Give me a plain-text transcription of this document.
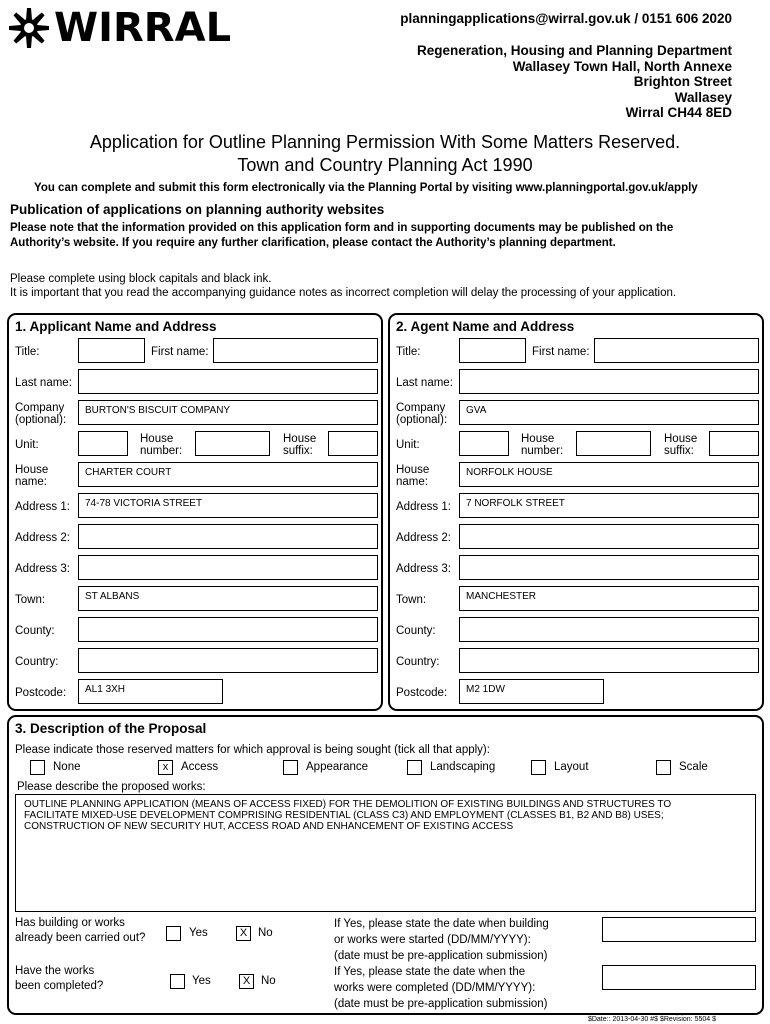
WIRRAL	planningapplications@wirral.gov.uk / 0151 606 2020
Regeneration, Housing and Planning Department
Wallasey Town Hall, North Annexe
Brighton Street
Wallasey
Wirral CH44 8ED
Application for Outline Planning Permission With Some Matters Reserved.
Town and Country Planning Act 1990
You can complete and submit this form electronically via the Planning Portal by visiting www.planningportal.gov.uk/apply
Publication of applications on planning authority websites
Please note that the information provided on this application form and in supporting documents may be published on the
Authority’s website. If you require any further clarification, please contact the Authority’s planning department.
Please complete using block capitals and black ink.
It is important that you read the accompanying guidance notes as incorrect completion will delay the processing of your application.
1. Applicant Name and Address
Title:	First name:
Last name:
Company
(optional):
BURTON'S BISCUIT COMPANY
Unit:	House
number:
House
suffix:
House
name:
CHARTER COURT
Address 1:	74-78 VICTORIA STREET
Address 2:
Address 3:
Town:	ST ALBANS
County:
Country:
Postcode:	AL1 3XH
2. Agent Name and Address
Title:	First name:
Last name:
Company
(optional):
GVA
Unit:	House
number:
House
suffix:
House
name:
NORFOLK HOUSE
Address 1:	7 NORFOLK STREET
Address 2:
Address 3:
Town:	MANCHESTER
County:
Country:
Postcode:	M2 1DW
3. Description of the Proposal
Please indicate those reserved matters for which approval is being sought (tick all that apply):
None	x	Access	Appearance	Landscaping	Layout	Scale
Please describe the proposed works:
OUTLINE PLANNING APPLICATION (MEANS OF ACCESS FIXED) FOR THE DEMOLITION OF EXISTING BUILDINGS AND STRUCTURES TO
FACILITATE MIXED-USE DEVELOPMENT COMPRISING RESIDENTIAL (CLASS C3) AND EMPLOYMENT (CLASSES B1, B2 AND B8) USES;
CONSTRUCTION OF NEW SECURITY HUT, ACCESS ROAD AND ENHANCEMENT OF EXISTING ACCESS
Has building or works
already been carried out?	Yes	X No
If Yes, please state the date when building
or works were started (DD/MM/YYYY):
(date must be pre-application submission)
Have the works
been completed?	Yes	X No
If Yes, please state the date when the
works were completed (DD/MM/YYYY):
(date must be pre-application submission)
$Date:: 2013-04-30 #$ $Revision: 5504 $
